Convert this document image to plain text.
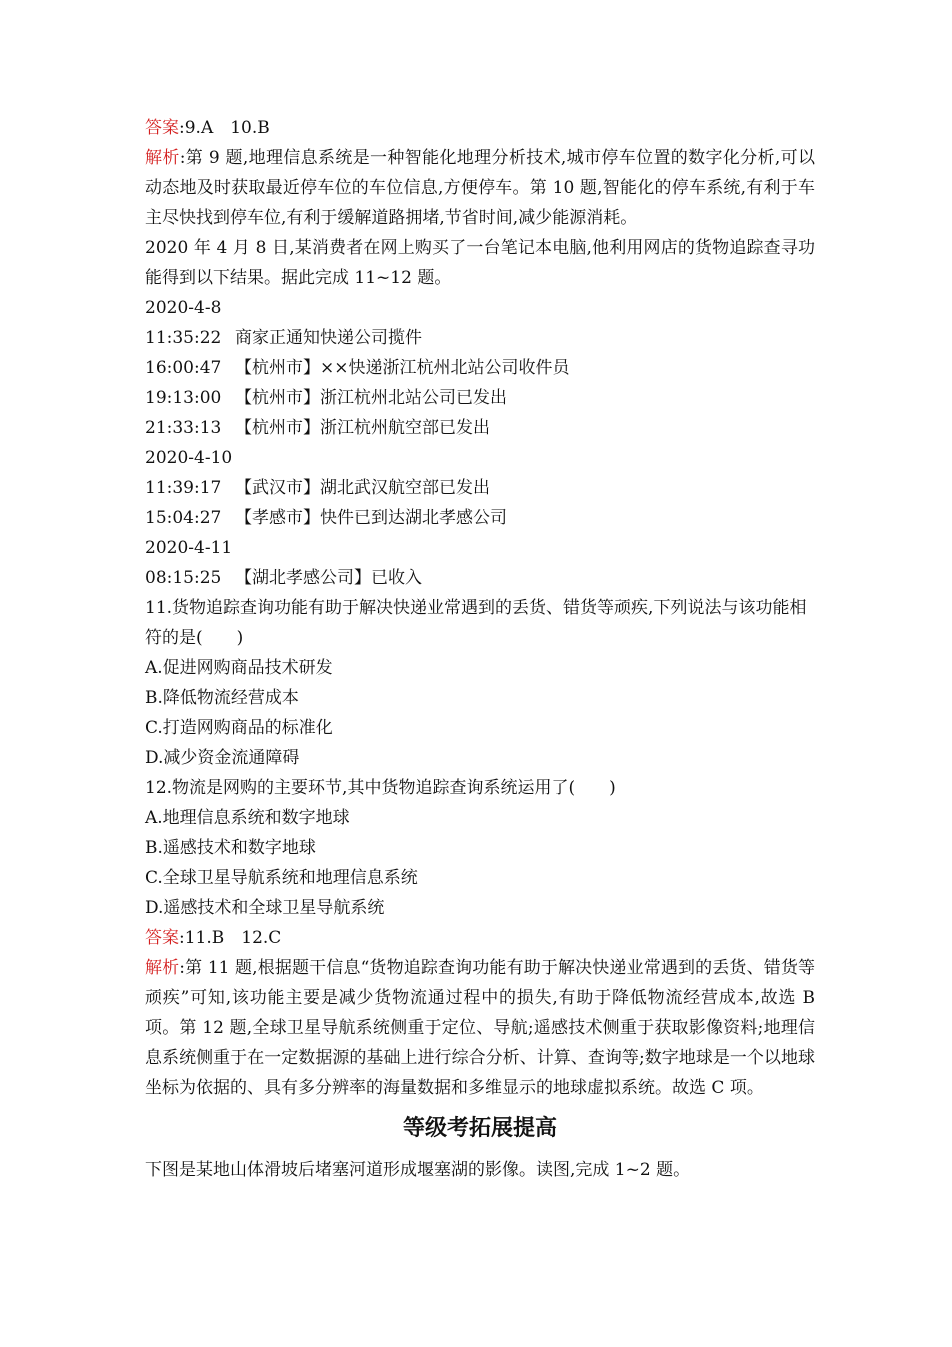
答案:9.A　10.B
解析:第 9 题,地理信息系统是一种智能化地理分析技术,城市停车位置的数字化分析,可以动态地及时获取最近停车位的车位信息,方便停车。第 10 题,智能化的停车系统,有利于车主尽快找到停车位,有利于缓解道路拥堵,节省时间,减少能源消耗。
2020 年 4 月 8 日,某消费者在网上购买了一台笔记本电脑,他利用网店的货物追踪查寻功能得到以下结果。据此完成 11~12 题。
2020-4-8
11:35:22 商家正通知快递公司揽件
16:00:47 【杭州市】××快递浙江杭州北站公司收件员
19:13:00 【杭州市】浙江杭州北站公司已发出
21:33:13 【杭州市】浙江杭州航空部已发出
2020-4-10
11:39:17 【武汉市】湖北武汉航空部已发出
15:04:27 【孝感市】快件已到达湖北孝感公司
2020-4-11
08:15:25 【湖北孝感公司】已收入
11.货物追踪查询功能有助于解决快递业常遇到的丢货、错货等顽疾,下列说法与该功能相符的是(　　)
A.促进网购商品技术研发
B.降低物流经营成本
C.打造网购商品的标准化
D.减少资金流通障碍
12.物流是网购的主要环节,其中货物追踪查询系统运用了(　　)
A.地理信息系统和数字地球
B.遥感技术和数字地球
C.全球卫星导航系统和地理信息系统
D.遥感技术和全球卫星导航系统
答案:11.B　12.C
解析:第 11 题,根据题干信息“货物追踪查询功能有助于解决快递业常遇到的丢货、错货等顽疾”可知,该功能主要是减少货物流通过程中的损失,有助于降低物流经营成本,故选 B 项。第 12 题,全球卫星导航系统侧重于定位、导航;遥感技术侧重于获取影像资料;地理信息系统侧重于在一定数据源的基础上进行综合分析、计算、查询等;数字地球是一个以地球坐标为依据的、具有多分辨率的海量数据和多维显示的地球虚拟系统。故选 C 项。
等级考拓展提高
下图是某地山体滑坡后堵塞河道形成堰塞湖的影像。读图,完成 1~2 题。
